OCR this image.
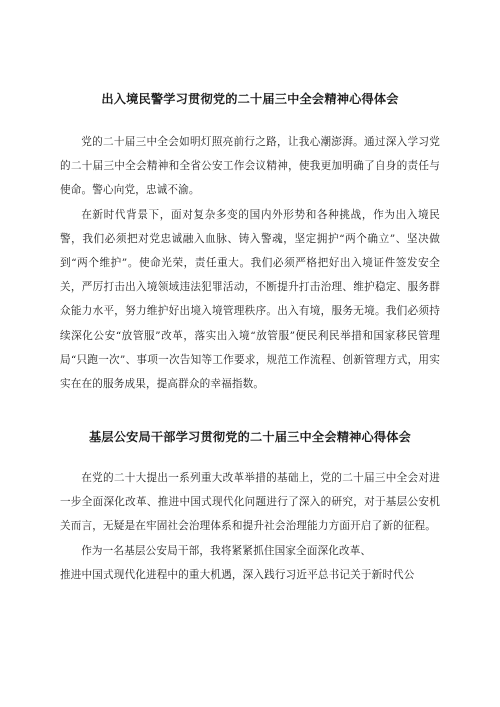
出入境民警学习贯彻党的二十届三中全会精神心得体会

党的二十届三中全会如明灯照亮前行之路，让我心潮澎湃。通过深入学习党的二十届三中全会精神和全省公安工作会议精神，使我更加明确了自身的责任与使命。警心向党，忠诚不渝。

在新时代背景下，面对复杂多变的国内外形势和各种挑战，作为出入境民警，我们必须把对党忠诚融入血脉、铸入警魂，坚定拥护“两个确立”、坚决做到“两个维护”。使命光荣，责任重大。我们必须严格把好出入境证件签发安全关，严厉打击出入境领域违法犯罪活动，不断提升打击治理、维护稳定、服务群众能力水平，努力维护好出境入境管理秩序。出入有境，服务无境。我们必须持续深化公安“放管服”改革，落实出入境“放管服”便民利民举措和国家移民管理局“只跑一次”、事项一次告知等工作要求，规范工作流程、创新管理方式，用实实在在的服务成果，提高群众的幸福指数。

基层公安局干部学习贯彻党的二十届三中全会精神心得体会

在党的二十大提出一系列重大改革举措的基础上，党的二十届三中全会对进一步全面深化改革、推进中国式现代化问题进行了深入的研究，对于基层公安机关而言，无疑是在牢固社会治理体系和提升社会治理能力方面开启了新的征程。

作为一名基层公安局干部，我将紧紧抓住国家全面深化改革、

推进中国式现代化进程中的重大机遇，深入践行习近平总书记关于新时代公
